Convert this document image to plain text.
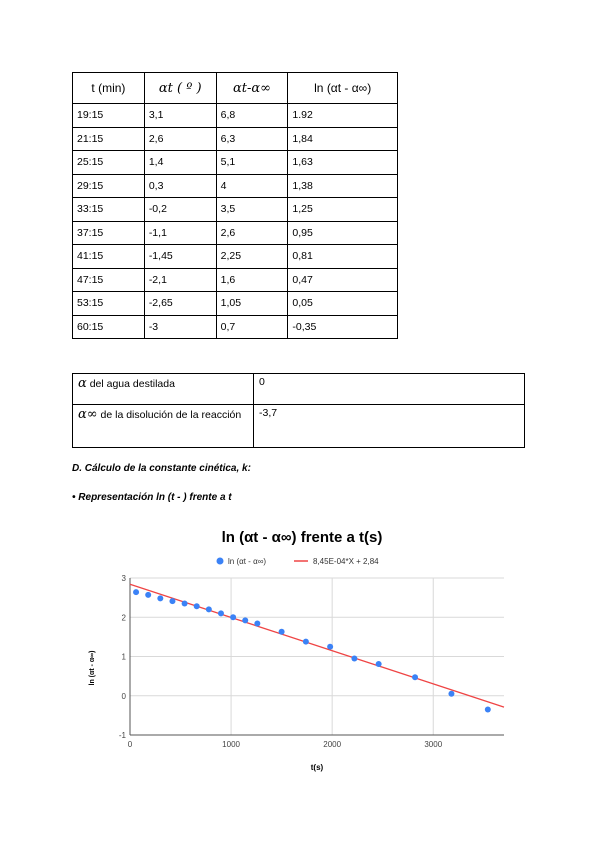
t (min)	αt ( º )	αt-α∞	ln (αt - α∞)
19:15	3,1	6,8	1.92
21:15	2,6	6,3	1,84
25:15	1,4	5,1	1,63
29:15	0,3	4	1,38
33:15	-0,2	3,5	1,25
37:15	-1,1	2,6	0,95
41:15	-1,45	2,25	0,81
47:15	-2,1	1,6	0,47
53:15	-2,65	1,05	0,05
60:15	-3	0,7	-0,35
α del agua destilada	0
α∞ de la disolución de la reacción	-3,7
D. Cálculo de la constante cinética, k:
• Representación ln (t - ) frente a t
ln (αt - α∞) frente a t(s)
ln (αt - α∞)	8,45E-04*X + 2,84
-1
0
1
2
3
0	1000	2000	3000
t(s)
ln (αt - α∞)
